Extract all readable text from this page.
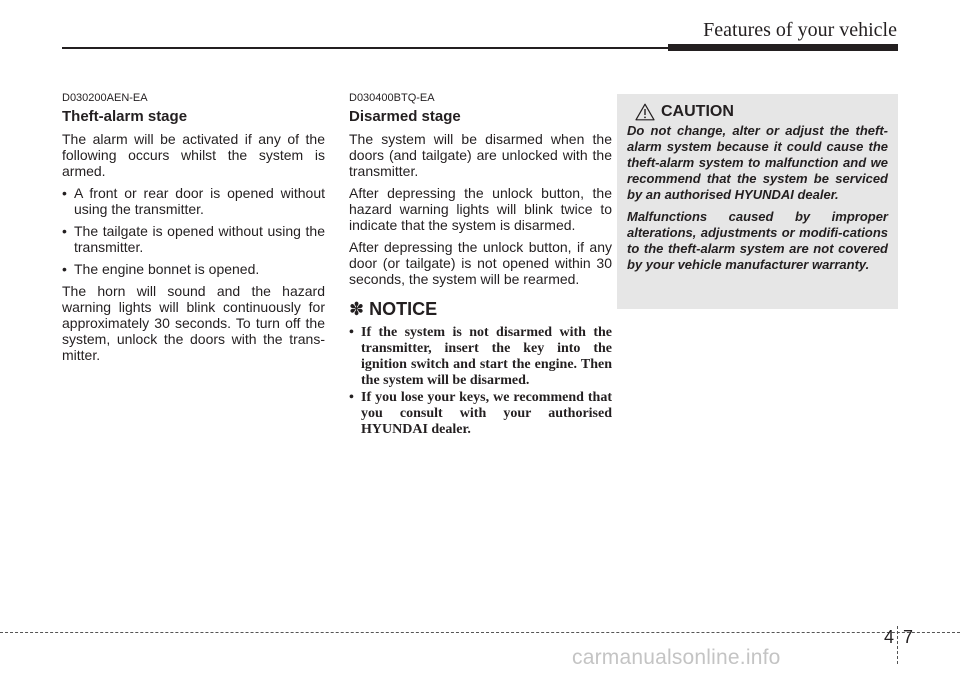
Features of your vehicle
D030200AEN-EA
Theft-alarm stage

The alarm will be activated if any of the following occurs whilst the system is armed.

• A front or rear door is opened without using the transmitter.
• The tailgate is opened without using the transmitter.
• The engine bonnet is opened.

The horn will sound and the hazard warning lights will blink continuously for approximately 30 seconds. To turn off the system, unlock the doors with the trans-mitter.

D030400BTQ-EA
Disarmed stage

The system will be disarmed when the doors (and tailgate) are unlocked with the transmitter.

After depressing the unlock button, the hazard warning lights will blink twice to indicate that the system is disarmed.

After depressing the unlock button, if any door (or tailgate) is not opened within 30 seconds, the system will be rearmed.

✽ NOTICE
• If the system is not disarmed with the transmitter, insert the key into the ignition switch and start the engine. Then the system will be disarmed.
• If you lose your keys, we recommend that you consult with your authorised HYUNDAI dealer.
CAUTION

Do not change, alter or adjust the theft-alarm system because it could cause the theft-alarm system to malfunction and we recommend that the system be serviced by an authorised HYUNDAI dealer.

Malfunctions caused by improper alterations, adjustments or modifi-cations to the theft-alarm system are not covered by your vehicle manufacturer warranty.

4 7
carmanualsonline.info
